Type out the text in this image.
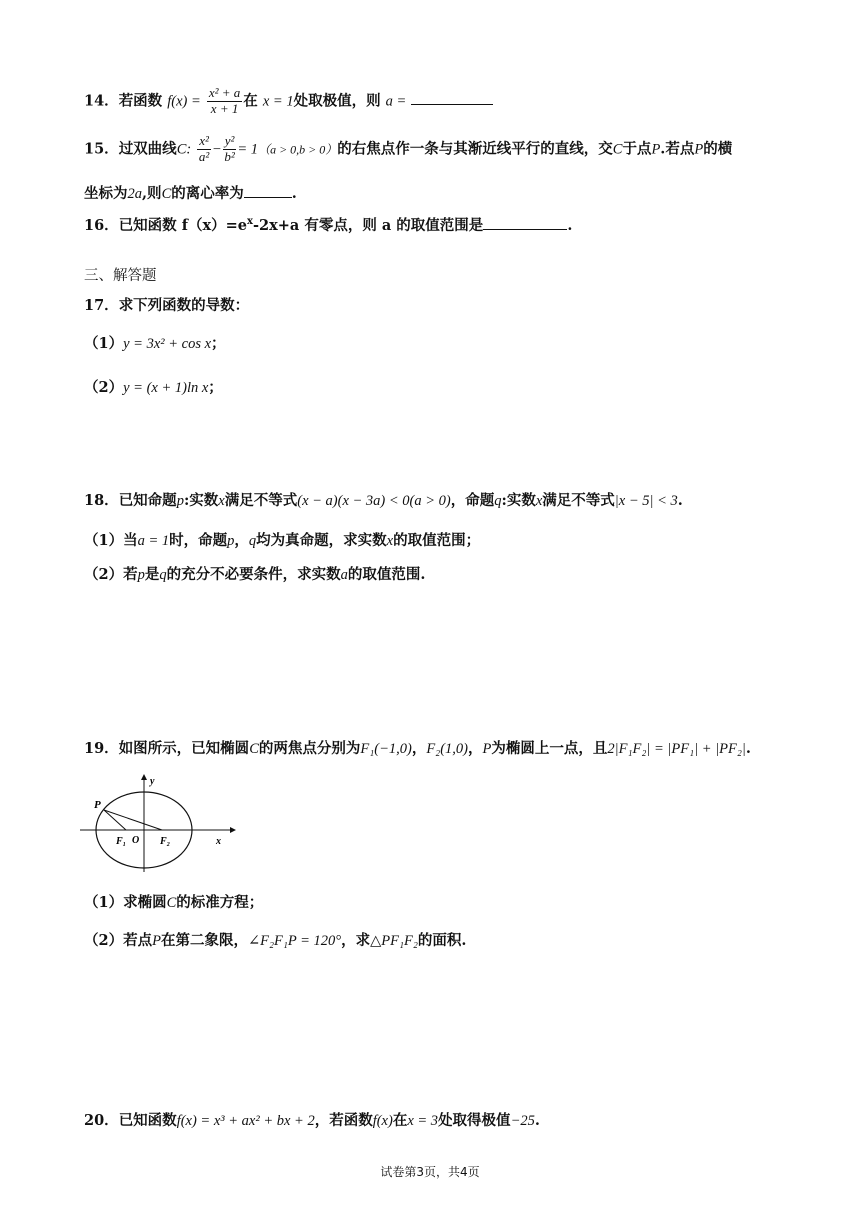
14．若函数 $f(x) = \frac{\text{x² + a}}{x + 1}$ 在 x = 1处取极值，则 a =
15．过双曲线C: $\frac{\text{x²}}{\text{a²}} - \frac{\text{y²}}{\text{b²}} = 1(a > 0,b > 0)$的右焦点作一条与其渐近线平行的直线，交C于点P.若点P的横
坐标为2a,则C的离心率为	.
16．已知函数 $f(x)=e^x-2x+a$ 有零点，则 a 的取值范围是	.
三、解答题
17．求下列函数的导数：
（1）y = 3x² + cos x；
（2）y = (x + 1)ln x；
18．已知命题p:实数x满足不等式(x − a)(x − 3a) < 0(a > 0)，命题q:实数x满足不等式|x − 5| < 3.
（1）当a = 1时，命题p，q均为真命题，求实数x的取值范围；
（2）若p是q的充分不必要条件，求实数a的取值范围.
19．如图所示，已知椭圆C的两焦点分别为F₁(−1,0)，F₂(1,0)，P为椭圆上一点，且2|F₁F₂| = |PF₁| + |PF₂|.
y
x
P
F₁ O F₂
（1）求椭圆C的标准方程；
（2）若点P在第二象限，∠F₂F₁P = 120°，求△PF₁F₂的面积.
20．已知函数f(x) = x³ + ax² + bx + 2，若函数f(x)在x = 3处取得极值−25.
试卷第3页，共4页
